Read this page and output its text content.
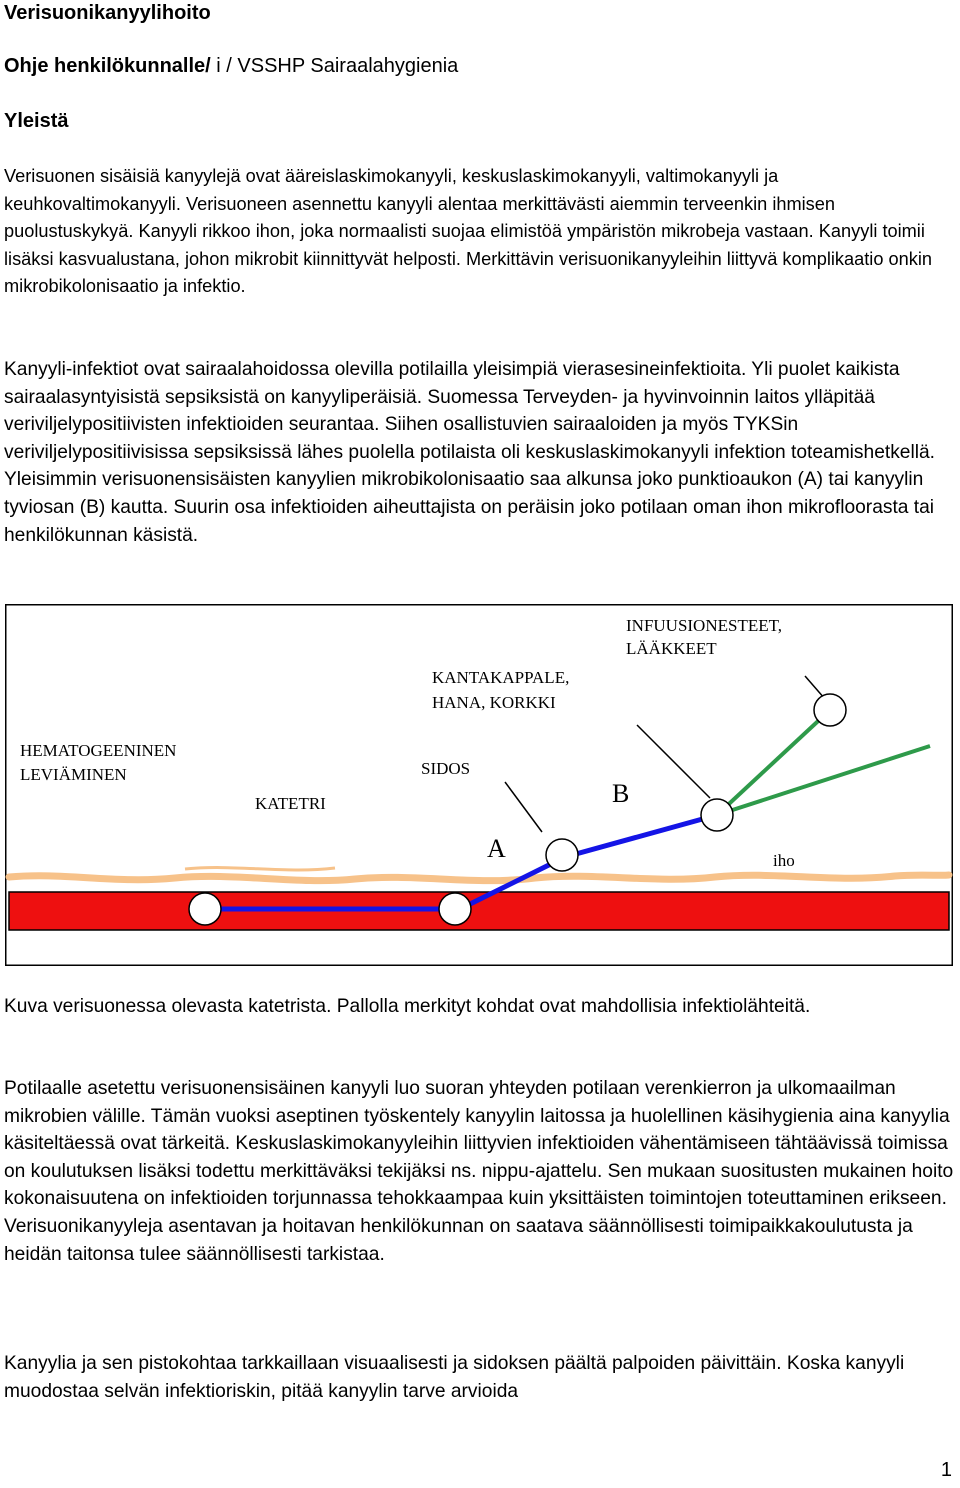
Verisuonikanyylihoito

Ohje henkilökunnalle/ i / VSSHP Sairaalahygienia

Yleistä

Verisuonen sisäisiä kanyylejä ovat ääreislaskimokanyyli, keskuslaskimokanyyli, valtimokanyyli ja keuhkovaltimokanyyli. Verisuoneen asennettu kanyyli alentaa merkittävästi aiemmin terveenkin ihmisen puolustuskykyä. Kanyyli rikkoo ihon, joka normaalisti suojaa elimistöä ympäristön mikrobeja vastaan. Kanyyli toimii lisäksi kasvualustana, johon mikrobit kiinnittyvät helposti. Merkittävin verisuonikanyyleihin liittyvä komplikaatio onkin mikrobikolonisaatio ja infektio.

Kanyyli-infektiot ovat sairaalahoidossa olevilla potilailla yleisimpiä vierasesineinfektioita. Yli puolet kaikista sairaalasyntyisistä sepsiksistä on kanyyliperäisiä. Suomessa Terveyden- ja hyvinvoinnin laitos ylläpitää veriviljelypositiivisten infektioiden seurantaa. Siihen osallistuvien sairaaloiden ja myös TYKSin veriviljelypositiivisissa sepsiksissä lähes puolella potilaista oli keskuslaskimokanyyli infektion toteamishetkellä. Yleisimmin verisuonensisäisten kanyylien mikrobikolonisaatio saa alkunsa joko punktioaukon (A) tai kanyylin tyviosan (B) kautta. Suurin osa infektioiden aiheuttajista on peräisin joko potilaan oman ihon mikrofloorasta tai henkilökunnan käsistä.

INFUUSIONESTEET,
LÄÄKKEET
KANTAKAPPALE,
HANA, KORKKI
HEMATOGEENINEN
LEVIÄMINEN	SIDOS
KATETRI
A
B
iho

Kuva verisuonessa olevasta katetrista. Pallolla merkityt kohdat ovat mahdollisia infektiolähteitä.

Potilaalle asetettu verisuonensisäinen kanyyli luo suoran yhteyden potilaan verenkierron ja ulkomaailman mikrobien välille. Tämän vuoksi aseptinen työskentely kanyylin laitossa ja huolellinen käsihygienia aina kanyylia käsiteltäessä ovat tärkeitä. Keskuslaskimokanyyleihin liittyvien infektioiden vähentämiseen tähtäävissä toimissa on koulutuksen lisäksi todettu merkittäväksi tekijäksi ns. nippu-ajattelu. Sen mukaan suositusten mukainen hoito kokonaisuutena on infektioiden torjunnassa tehokkaampaa kuin yksittäisten toimintojen toteuttaminen erikseen. Verisuonikanyyleja asentavan ja hoitavan henkilökunnan on saatava säännöllisesti toimipaikkakoulutusta ja heidän taitonsa tulee säännöllisesti tarkistaa.

Kanyylia ja sen pistokohtaa tarkkaillaan visuaalisesti ja sidoksen päältä palpoiden päivittäin. Koska kanyyli muodostaa selvän infektioriskin, pitää kanyylin tarve arvioida

1
